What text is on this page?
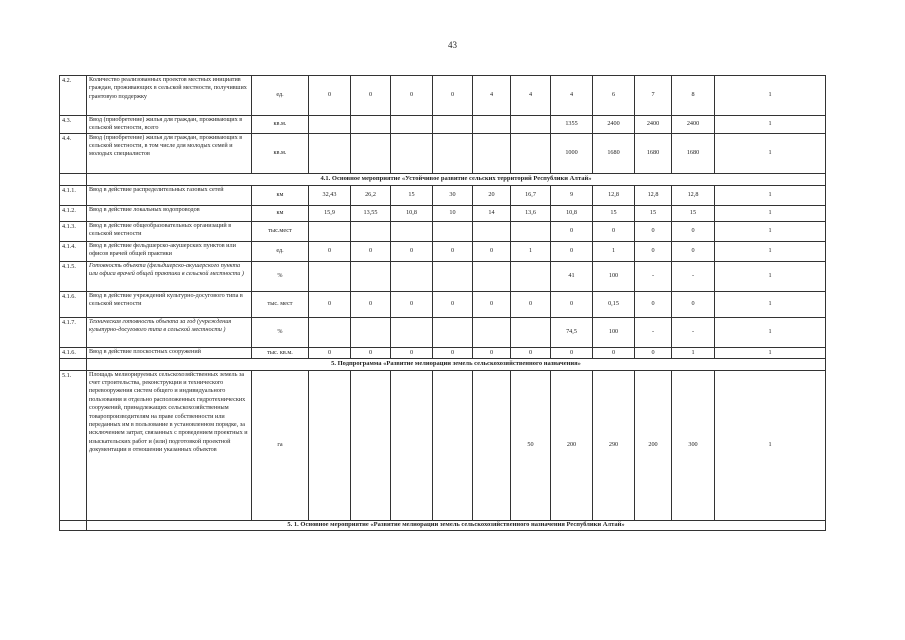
43
4.2.	Количество реализованных проектов местных инициатив граждан, проживающих в сельской местности, получивших грантовую поддержку	ед.	0	0	0	0	4	4	4	6	7	8	1
4.3.	Ввод (приобретение) жилья для граждан, проживающих в сельской местности, всего	кв.м.							1355	2400	2400	2400	1
4.4.	Ввод (приобретение) жилья для граждан, проживающих в сельской местности, в том числе для молодых семей и молодых специалистов	кв.м.							1000	1680	1680	1680	1
	4.1. Основное мероприятие «Устойчивое развитие сельских территорий Республики Алтай»												
4.1.1.	Ввод в действие распределительных газовых сетей	км	32,43	26,2	15	30	20	16,7	9	12,8	12,8	12,8	1
4.1.2.	Ввод в действие локальных водопроводов	км	15,9	13,55	10,8	10	14	13,6	10,8	15	15	15	1
4.1.3.	Ввод в действие общеобразовательных организаций в сельской местности	тыс.мест							0	0	0	0	1
4.1.4.	Ввод в действие фельдшерско-акушерских пунктов или офисов врачей общей практики	ед.	0	0	0	0	0	1	0	1	0	0	1
4.1.5.	Готовность объекта (фельдшерско-акушерского пункта или офиса врачей общей практики в сельской местности )	%							41	100	-	-	1
4.1.6.	Ввод в действие учреждений культурно-досугового типа в сельской местности	тыс. мест	0	0	0	0	0	0	0	0,15	0	0	1
4.1.7.	Техническая готовность объекта за год (учреждения культурно-досугового типа в сельской местности )	%							74,5	100	-	-	1
4.1.6.	Ввод в действие плоскостных сооружений	тыс. кв.м.	0	0	0	0	0	0	0	0	0	1	1
	5. Подпрограмма «Развитие мелиорации земель сельскохозяйственного назначения»												
5.1.	Площадь мелиорируемых сельскохозяйственных земель за счет строительства, реконструкции и технического перевооружения систем общего и индивидуального пользования и отдельно расположенных гидротехнических сооружений, принадлежащих сельскохозяйственным товаропроизводителям на праве собственности или переданных им в пользование в установленном порядке, за исключением затрат, связанных с проведением проектных и изыскательских работ и (или) подготовкой проектной документации в отношении указанных объектов	га						50	200	290	200	300	1
	5. 1. Основное мероприятие «Развитие мелиорации земель сельскохозяйственного назначения Республики Алтай»												
